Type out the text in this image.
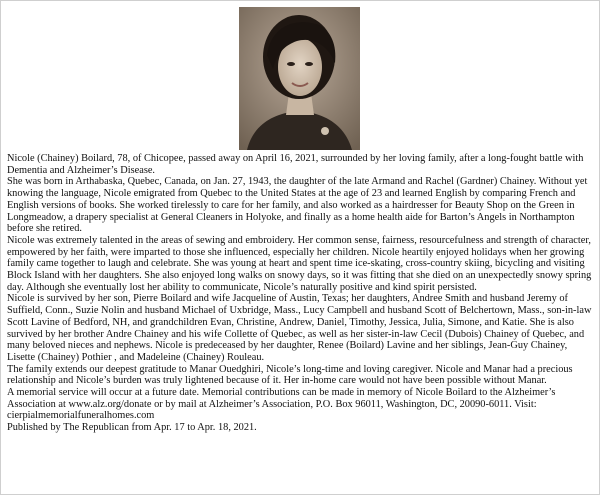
Nicole (Chainey) Boilard, 78, of Chicopee, passed away on April 16, 2021, surrounded by her loving family, after a long-fought battle with Dementia and Alzheimer’s Disease.

She was born in Arthabaska, Quebec, Canada, on Jan. 27, 1943, the daughter of the late Armand and Rachel (Gardner) Chainey. Without yet knowing the language, Nicole emigrated from Quebec to the United States at the age of 23 and learned English by comparing French and English versions of books. She worked tirelessly to care for her family, and also worked as a hairdresser for Beauty Shop on the Green in Longmeadow, a drapery specialist at General Cleaners in Holyoke, and finally as a home health aide for Barton’s Angels in Northampton before she retired.

Nicole was extremely talented in the areas of sewing and embroidery. Her common sense, fairness, resourcefulness and strength of character, empowered by her faith, were imparted to those she influenced, especially her children. Nicole heartily enjoyed holidays when her growing family came together to laugh and celebrate. She was young at heart and spent time ice-skating, cross-country skiing, bicycling and visiting Block Island with her daughters. She also enjoyed long walks on snowy days, so it was fitting that she died on an unexpectedly snowy spring day. Although she eventually lost her ability to communicate, Nicole’s naturally positive and kind spirit persisted.

Nicole is survived by her son, Pierre Boilard and wife Jacqueline of Austin, Texas; her daughters, Andree Smith and husband Jeremy of Suffield, Conn., Suzie Nolin and husband Michael of Uxbridge, Mass., Lucy Campbell and husband Scott of Belchertown, Mass., son-in-law Scott Lavine of Bedford, NH, and grandchildren Evan, Christine, Andrew, Daniel, Timothy, Jessica, Julia, Simone, and Katie. She is also survived by her brother Andre Chainey and his wife Collette of Quebec, as well as her sister-in-law Cecil (Dubois) Chainey of Quebec, and many beloved nieces and nephews. Nicole is predeceased by her daughter, Renee (Boilard) Lavine and her siblings, Jean-Guy Chainey, Lisette (Chainey) Pothier , and Madeleine (Chainey) Rouleau.

The family extends our deepest gratitude to Manar Ouedghiri, Nicole’s long-time and loving caregiver. Nicole and Manar had a precious relationship and Nicole’s burden was truly lightened because of it. Her in-home care would not have been possible without Manar.

A memorial service will occur at a future date. Memorial contributions can be made in memory of Nicole Boilard to the Alzheimer’s Association at www.alz.org/donate or by mail at Alzheimer’s Association, P.O. Box 96011, Washington, DC, 20090-6011. Visit: cierpialmemorialfuneralhomes.com

Published by The Republican from Apr. 17 to Apr. 18, 2021.
